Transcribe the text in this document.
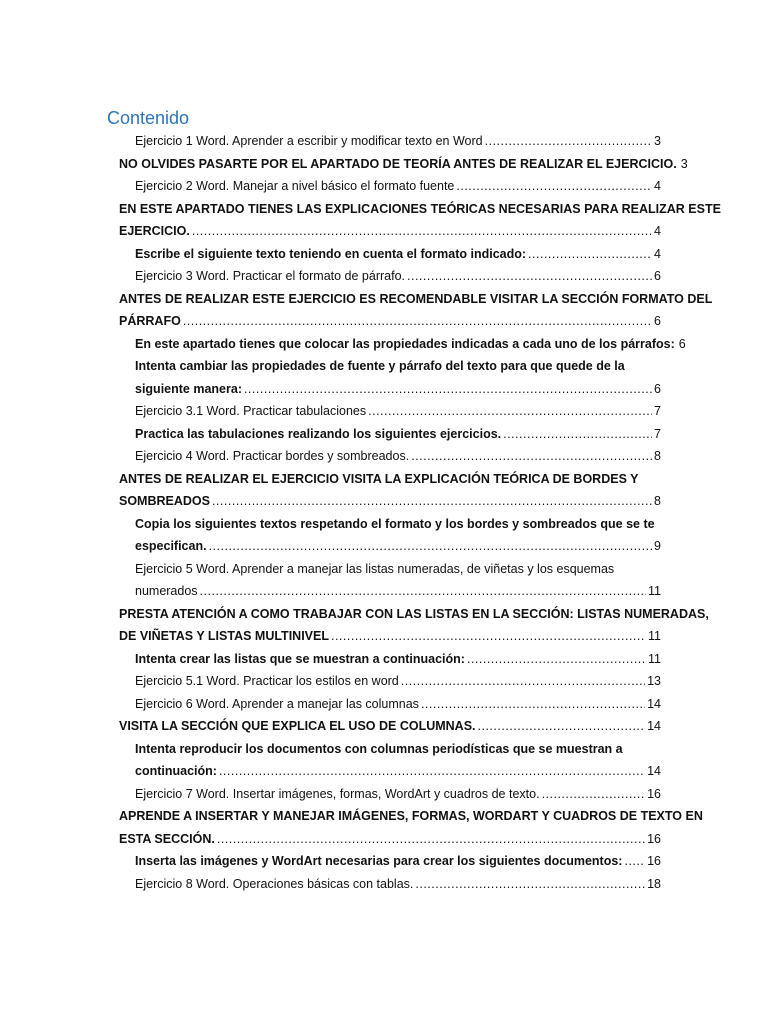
Contenido
Ejercicio 1 Word. Aprender a escribir y modificar texto en Word .....	3
NO OLVIDES PASARTE POR EL APARTADO DE TEORÍA ANTES DE REALIZAR EL EJERCICIO. 3
Ejercicio 2 Word. Manejar a nivel básico el formato fuente .....	4
EN ESTE APARTADO TIENES LAS EXPLICACIONES TEÓRICAS NECESARIAS PARA REALIZAR ESTE
EJERCICIO. .....	4
Escribe el siguiente texto teniendo en cuenta el formato indicado: .....	4
Ejercicio 3 Word. Practicar el formato de párrafo. .....	6
ANTES DE REALIZAR ESTE EJERCICIO ES RECOMENDABLE VISITAR LA SECCIÓN FORMATO DEL
PÁRRAFO .....	6
En este apartado tienes que colocar las propiedades indicadas a cada uno de los párrafos: 6
Intenta cambiar las propiedades de fuente y párrafo del texto para que quede de la
siguiente manera: .....	6
Ejercicio 3.1 Word. Practicar tabulaciones .....	7
Practica las tabulaciones realizando los siguientes ejercicios. .....	7
Ejercicio 4 Word. Practicar bordes y sombreados. .....	8
ANTES DE REALIZAR EL EJERCICIO VISITA LA EXPLICACIÓN TEÓRICA DE BORDES Y
SOMBREADOS .....	8
Copia los siguientes textos respetando el formato y los bordes y sombreados que se te
especifican. .....	9
Ejercicio 5 Word. Aprender a manejar las listas numeradas, de viñetas y los esquemas
numerados .....	11
PRESTA ATENCIÓN A COMO TRABAJAR CON LAS LISTAS EN LA SECCIÓN: LISTAS NUMERADAS,
DE VIÑETAS Y LISTAS MULTINIVEL .....	11
Intenta crear las listas que se muestran a continuación: .....	11
Ejercicio 5.1 Word. Practicar los estilos en word .....	13
Ejercicio 6 Word. Aprender a manejar las columnas .....	14
VISITA LA SECCIÓN QUE EXPLICA EL USO DE COLUMNAS. .....	14
Intenta reproducir los documentos con columnas periodísticas que se muestran a
continuación: .....	14
Ejercicio 7 Word. Insertar imágenes, formas, WordArt y cuadros de texto. .....	16
APRENDE A INSERTAR Y MANEJAR IMÁGENES, FORMAS, WORDART Y CUADROS DE TEXTO EN
ESTA SECCIÓN. .....	16
Inserta las imágenes y WordArt necesarias para crear los siguientes documentos: ..... 16
Ejercicio 8 Word. Operaciones básicas con tablas. .....	18
